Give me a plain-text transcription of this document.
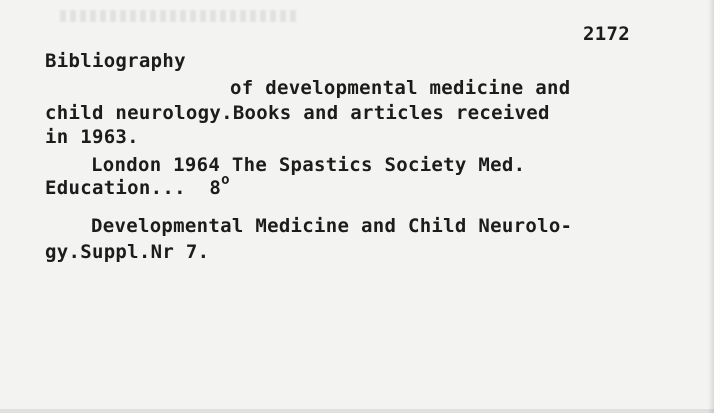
2172
Bibliography
of developmental medicine and
child neurology.Books and articles received
in 1963.
London 1964 The Spastics Society Med.
Education...  8$^o$
Developmental Medicine and Child Neurolo-
gy.Suppl.Nr 7.
